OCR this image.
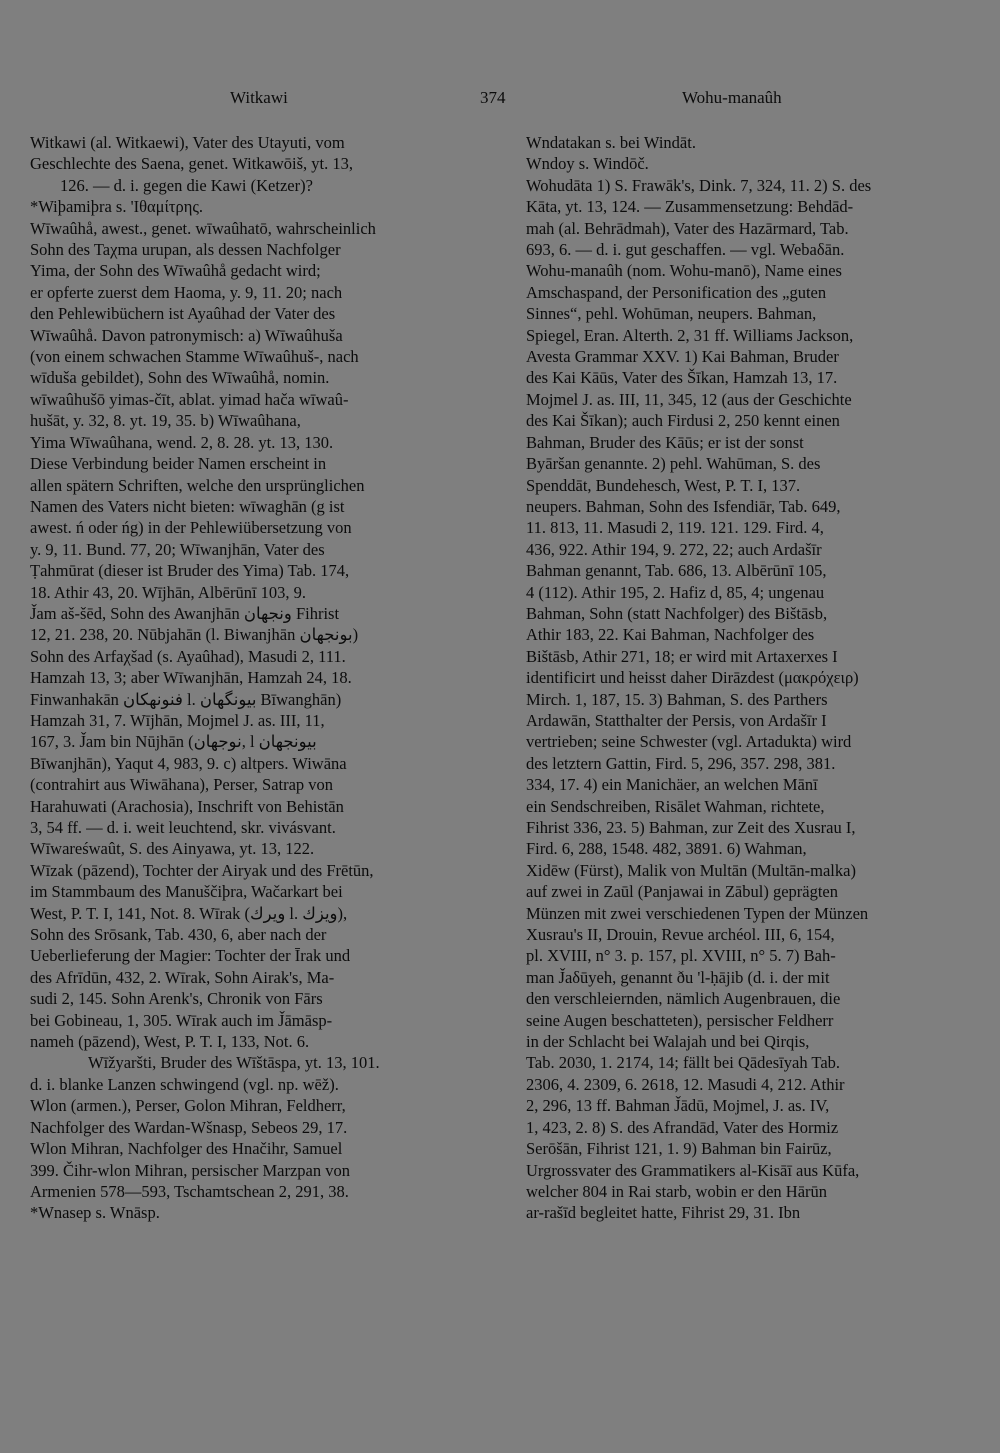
Witkawi	374	Wohu-manaûh
Witkawi (al. Witkaewi), Vater des Utayuti, vom
Geschlechte des Saena, genet. Witkawōiš, yt. 13,
126. — d. i. gegen die Kawi (Ketzer)?
*Wiþamiþra s. 'Ιθαμίτρης.
Wīwaûhå, awest., genet. wīwaûhatō, wahrscheinlich
Sohn des Taχma urupan, als dessen Nachfolger
Yima, der Sohn des Wīwaûhå gedacht wird;
er opferte zuerst dem Haoma, y. 9, 11. 20; nach
den Pehlewibüchern ist Ayaûhad der Vater des
Wīwaûhå. Davon patronymisch: a) Wīwaûhuša
(von einem schwachen Stamme Wīwaûhuš-, nach
wīduša gebildet), Sohn des Wīwaûhå, nomin.
wīwaûhušō yimas-čīt, ablat. yimad hača wīwaû-
hušāt, y. 32, 8. yt. 19, 35. b) Wīwaûhana,
Yima Wīwaûhana, wend. 2, 8. 28. yt. 13, 130.
Diese Verbindung beider Namen erscheint in
allen spätern Schriften, welche den ursprünglichen
Namen des Vaters nicht bieten: wīwaghān (g ist
awest. ń oder ńg) in der Pehlewiübersetzung von
y. 9, 11. Bund. 77, 20; Wīwanjhān, Vater des
Ṭahmūrat (dieser ist Bruder des Yima) Tab. 174,
18. Athir 43, 20. Wījhān, Albērūnī 103, 9.
J̌am aš-šēd, Sohn des Awanjhān ونجهان Fihrist
12, 21. 238, 20. Nūbjahān (l. Biwanjhān بونجهان)
Sohn des Arfaχšad (s. Ayaûhad), Masudi 2, 111.
Hamzah 13, 3; aber Wīwanjhān, Hamzah 24, 18.
Finwanhakān فنونهكان l. بيونگهان Bīwanghān)
Hamzah 31, 7. Wījhān, Mojmel J. as. III, 11,
167, 3. J̌am bin Nūjhān (نوجهان, l بيونجهان
Bīwanjhān), Yaqut 4, 983, 9. c) altpers. Wiwāna
(contrahirt aus Wiwāhana), Perser, Satrap von
Harahuwati (Arachosia), Inschrift von Behistān
3, 54 ff. — d. i. weit leuchtend, skr. vivásvant.
Wīwareśwaût, S. des Ainyawa, yt. 13, 122.
Wīzak (pāzend), Tochter der Airyak und des Frētūn,
im Stammbaum des Manuščiþra, Wačarkart bei
West, P. T. I, 141, Not. 8. Wīrak (ويرك l. ويزك),
Sohn des Srōsank, Tab. 430, 6, aber nach der
Ueberlieferung der Magier: Tochter der Īrak und
des Afrīdūn, 432, 2. Wīrak, Sohn Airak's, Ma-
sudi 2, 145. Sohn Arenk's, Chronik von Fārs
bei Gobineau, 1, 305. Wīrak auch im J̌āmāsp-
nameh (pāzend), West, P. T. I, 133, Not. 6.
Wīžyaršti, Bruder des Wīštāspa, yt. 13, 101.
d. i. blanke Lanzen schwingend (vgl. np. wēž).
Wlon (armen.), Perser, Golon Mihran, Feldherr,
Nachfolger des Wardan-Wšnasp, Sebeos 29, 17.
Wlon Mihran, Nachfolger des Hnačihr, Samuel
399. Čihr-wlon Mihran, persischer Marzpan von
Armenien 578—593, Tschamtschean 2, 291, 38.
*Wnasep s. Wnāsp.
Wndatakan s. bei Windāt.
Wndoy s. Windōč.
Wohudāta 1) S. Frawāk's, Dink. 7, 324, 11. 2) S. des
Kāta, yt. 13, 124. — Zusammensetzung: Behdād-
mah (al. Behrādmah), Vater des Hazārmard, Tab.
693, 6. — d. i. gut geschaffen. — vgl. Webaδān.
Wohu-manaûh (nom. Wohu-manō), Name eines
Amschaspand, der Personification des „guten
Sinnes“, pehl. Wohūman, neupers. Bahman,
Spiegel, Eran. Alterth. 2, 31 ff. Williams Jackson,
Avesta Grammar XXV. 1) Kai Bahman, Bruder
des Kai Kāūs, Vater des Šīkan, Hamzah 13, 17.
Mojmel J. as. III, 11, 345, 12 (aus der Geschichte
des Kai Šīkan); auch Firdusi 2, 250 kennt einen
Bahman, Bruder des Kāūs; er ist der sonst
Byāršan genannte. 2) pehl. Wahūman, S. des
Spenddāt, Bundehesch, West, P. T. I, 137.
neupers. Bahman, Sohn des Isfendiār, Tab. 649,
11. 813, 11. Masudi 2, 119. 121. 129. Fird. 4,
436, 922. Athir 194, 9. 272, 22; auch Ardašīr
Bahman genannt, Tab. 686, 13. Albērūnī 105,
4 (112). Athir 195, 2. Hafiz d, 85, 4; ungenau
Bahman, Sohn (statt Nachfolger) des Bištāsb,
Athir 183, 22. Kai Bahman, Nachfolger des
Bištāsb, Athir 271, 18; er wird mit Artaxerxes I
identificirt und heisst daher Dirāzdest (μακρόχειρ)
Mirch. 1, 187, 15. 3) Bahman, S. des Parthers
Ardawān, Statthalter der Persis, von Ardašīr I
vertrieben; seine Schwester (vgl. Artadukta) wird
des letztern Gattin, Fird. 5, 296, 357. 298, 381.
334, 17. 4) ein Manichäer, an welchen Mānī
ein Sendschreiben, Risālet Wahman, richtete,
Fihrist 336, 23. 5) Bahman, zur Zeit des Xusrau I,
Fird. 6, 288, 1548. 482, 3891. 6) Wahman,
Xidēw (Fürst), Malik von Multān (Multān-malka)
auf zwei in Zaūl (Panjawai in Zābul) geprägten
Münzen mit zwei verschiedenen Typen der Münzen
Xusrau's II, Drouin, Revue archéol. III, 6, 154,
pl. XVIII, n° 3. p. 157, pl. XVIII, n° 5. 7) Bah-
man J̌aδūyeh, genannt ðu 'l-ḥājib (d. i. der mit
den verschleiernden, nämlich Augenbrauen, die
seine Augen beschatteten), persischer Feldherr
in der Schlacht bei Walajah und bei Qirqis,
Tab. 2030, 1. 2174, 14; fällt bei Qādesīyah Tab.
2306, 4. 2309, 6. 2618, 12. Masudi 4, 212. Athir
2, 296, 13 ff. Bahman J̌ādū, Mojmel, J. as. IV,
1, 423, 2. 8) S. des Afrandād, Vater des Hormiz
Serōšān, Fihrist 121, 1. 9) Bahman bin Fairūz,
Urgrossvater des Grammatikers al-Kisāī aus Kūfa,
welcher 804 in Rai starb, wobin er den Hārūn
ar-rašīd begleitet hatte, Fihrist 29, 31. Ibn
